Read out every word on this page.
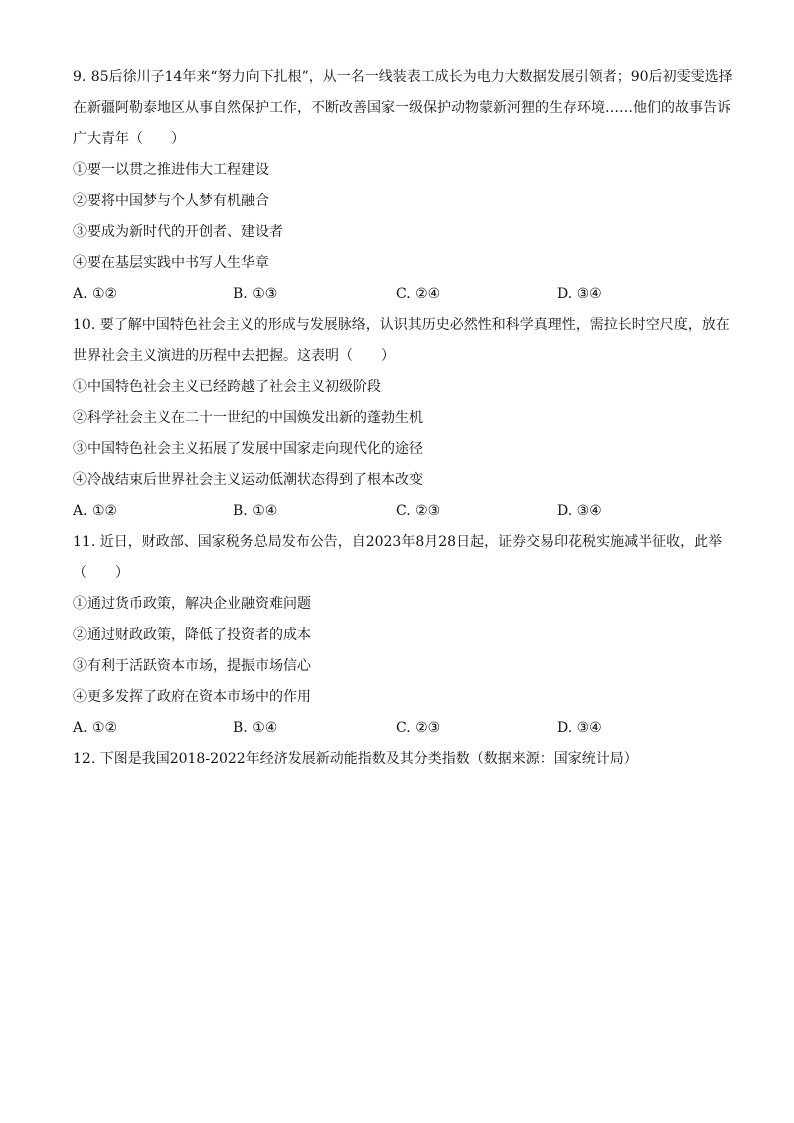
9. 85后徐川子14年来“努力向下扎根”，从一名一线装表工成长为电力大数据发展引领者；90后初雯雯选择在新疆阿勒泰地区从事自然保护工作，不断改善国家一级保护动物蒙新河狸的生存环境……他们的故事告诉广大青年（　　）

①要一以贯之推进伟大工程建设
②要将中国梦与个人梦有机融合
③要成为新时代的开创者、建设者
④要在基层实践中书写人生华章
A. ①②	B. ①③	C. ②④	D. ③④

10. 要了解中国特色社会主义的形成与发展脉络，认识其历史必然性和科学真理性，需拉长时空尺度，放在世界社会主义演进的历程中去把握。这表明（　　）

①中国特色社会主义已经跨越了社会主义初级阶段
②科学社会主义在二十一世纪的中国焕发出新的蓬勃生机
③中国特色社会主义拓展了发展中国家走向现代化的途径
④冷战结束后世界社会主义运动低潮状态得到了根本改变
A. ①②	B. ①④	C. ②③	D. ③④

11. 近日，财政部、国家税务总局发布公告，自2023年8月28日起，证券交易印花税实施减半征收，此举（　　）

①通过货币政策，解决企业融资难问题
②通过财政政策，降低了投资者的成本
③有利于活跃资本市场，提振市场信心
④更多发挥了政府在资本市场中的作用
A. ①②	B. ①④	C. ②③	D. ③④

12. 下图是我国2018-2022年经济发展新动能指数及其分类指数（数据来源：国家统计局）
